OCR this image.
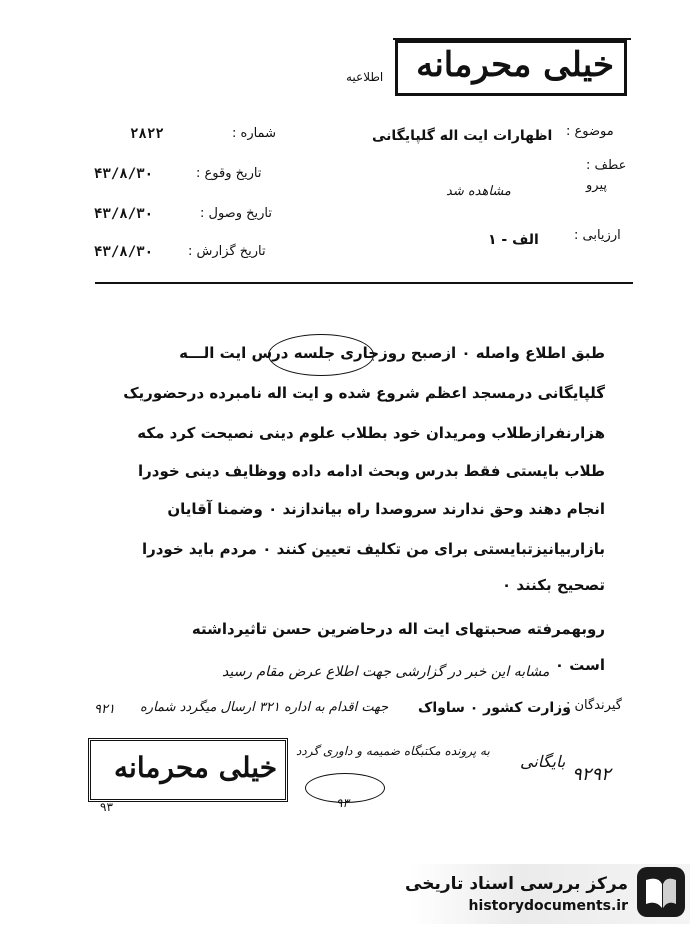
خیلی محرمانه
اطلاعیه
شماره :
۲۸۲۲
تاریخ وقوع :
۴۳/۸/۳۰
تاریخ وصول :
۴۳/۸/۳۰
تاریخ گزارش :
۴۳/۸/۳۰
موضوع :
اظهارات ایت اله گلپایگانی
عطف :
پیرو
مشاهده شد
ارزیابی :
الف - ۱
طبق اطلاع واصله ۰ ازصبح روزجاری جلسه درس ایت الـــه
گلپایگانی درمسجد اعظم شروع شده و ایت اله نامبرده درحضوریک
هزارنفرازطلاب ومریدان خود بطلاب علوم دینی نصیحت کرد مکه
طلاب بایستی فقط بدرس وبحث ادامه داده ووظایف دینی خودرا
انجام دهند وحق ندارند سروصدا راه بیاندازند ۰ وضمنا آقایان
بازاربیانیزتبایستی برای من تکلیف تعیین کنند ۰ مردم باید خودرا
تصحیح بکنند ۰
روبهمرفته صحبتهای ایت اله درحاضرین حسن تاثیرداشته
است ۰
مشابه این خبر در گزارشی جهت اطلاع عرض مقام رسید
گیرندگان :
وزارت کشور ۰ ساواک
جهت اقدام به اداره ۳۲۱ ارسال میگردد شماره
۹۲۱
خیلی محرمانه
۹۳
به پرونده مکتبگاه ضمیمه و داوری گردد
۹۳
بایگانی
۹۲۹۲
مرکز بررسی اسناد تاریخی
historydocuments.ir
